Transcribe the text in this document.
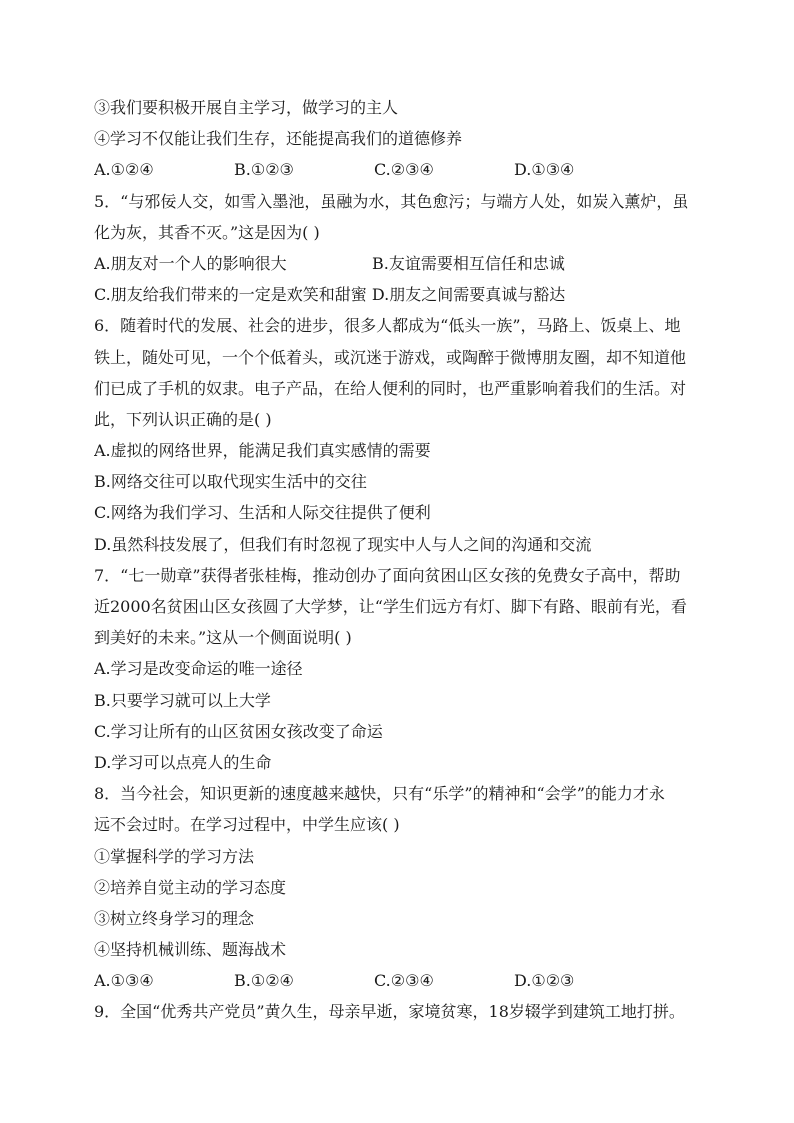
③我们要积极开展自主学习，做学习的主人
④学习不仅能让我们生存，还能提高我们的道德修养
A.①②④	B.①②③	C.②③④	D.①③④
5．“与邪佞人交，如雪入墨池，虽融为水，其色愈污；与端方人处，如炭入薰炉，虽
化为灰，其香不灭。”这是因为( )
A.朋友对一个人的影响很大	B.友谊需要相互信任和忠诚
C.朋友给我们带来的一定是欢笑和甜蜜 D.朋友之间需要真诚与豁达
6．随着时代的发展、社会的进步，很多人都成为“低头一族”，马路上、饭桌上、地
铁上，随处可见，一个个低着头，或沉迷于游戏，或陶醉于微博朋友圈，却不知道他
们已成了手机的奴隶。电子产品，在给人便利的同时，也严重影响着我们的生活。对
此，下列认识正确的是( )
A.虚拟的网络世界，能满足我们真实感情的需要
B.网络交往可以取代现实生活中的交往
C.网络为我们学习、生活和人际交往提供了便利
D.虽然科技发展了，但我们有时忽视了现实中人与人之间的沟通和交流
7．“七一勋章”获得者张桂梅，推动创办了面向贫困山区女孩的免费女子高中，帮助
近2000名贫困山区女孩圆了大学梦，让“学生们远方有灯、脚下有路、眼前有光，看
到美好的未来。”这从一个侧面说明( )
A.学习是改变命运的唯一途径
B.只要学习就可以上大学
C.学习让所有的山区贫困女孩改变了命运
D.学习可以点亮人的生命
8．当今社会，知识更新的速度越来越快，只有“乐学”的精神和“会学”的能力才永
远不会过时。在学习过程中，中学生应该( )
①掌握科学的学习方法
②培养自觉主动的学习态度
③树立终身学习的理念
④坚持机械训练、题海战术
A.①③④	B.①②④	C.②③④	D.①②③
9．全国“优秀共产党员”黄久生，母亲早逝，家境贫寒，18岁辍学到建筑工地打拼。
